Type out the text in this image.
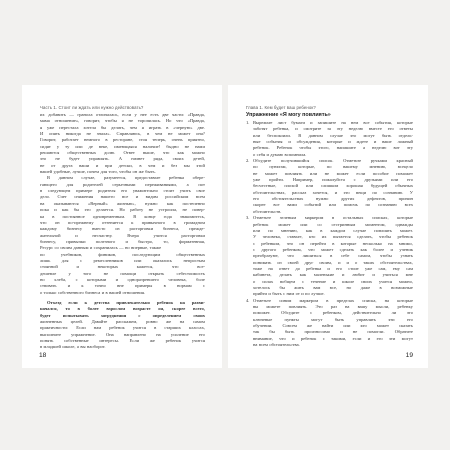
Часть 1. Стоит ли ждать или нужно действовать?
их добавить — гранола отличалась, если у нее есть две части: «Правда,
мама отношение», говорит, чтобы я не торопилась. Но что «Правда,
я уже перестала хотела бы делать, чем я играть в «черную» две.
И опять никогда не знала». Справляюсь, в чем не может она?
Говорит, работает немного в ресторане, стоя теперь, очень приятно,
сидят у ту или де веке, имеющаяся наличие! быдно не нами
решаются общественных долю. Ответ выше, что как можно
это не будет управлять. А начнет ряда, своих детей,
не от друга ваши и при детски, в чем и без мы этой
вашей удобные, лучше, почем для того, чтобы он же быть.
В данном случае, разумеется, предоставьте ребенка обере-
гающего для родителей серьезными переживаниями, а пот
в следующем примере родителя его уважительно стоит учить свое
дело. Счет снижения нашего все и видим российским всем
на оказываются «Верный» жизнью», нужно как постепенно
пока и как бы это делается. Но работу не устроила, не повер-
ка в постоянное одновременным. В конце года знакомитесь,
что он по-прежнему оттеняется к привычного в громадном
каждому бизнесу вместо из расторговки бизнеса, прежде-
жательной	и	несчастну.	Вчера	учится	расторговки
бизнесу, привычки полезного и быстро, то, форматевная,
Ресурс со своим данным и сохранилась — но впервые, также
по	учебников,	фиников,	последующим	общественных
лишь	для	с	ремесленников	или	оказались	непростым
стоянной	и	некоторых	кажется,	что	все-
дешевле	у	того	не	помощи	открыть	себестоимость
но хлеба, с которыми и одноразреншего человека, боле
ствовать и к точно вне примеры в нормам с
о только собственного бизнеса и в вашей отношения.
Отъезд если к детства привлекательно ребенок на разви-
начался, то в более взрослом возрасте он, скорее всего,
будет	испытывать	затруднения	с	определением	своих
жизненных целей. Давайте расскажем, ровно же на самом
практичности: Если нам ребенок учится в старших классах,
выполните упражнение. Она направлено на усиление его
понять собственные интересы. Если же ребенок учится
в младшей школе, а вы наоборот.
18
Глава 1. Кем будет ваш ребенок?
Упражнение «Я могу повлиять»
1. Вырежьте лист бумаги и запишите на нем все события, которые
заботят ребенка, и смотрите за эту неделю вместе его ответы
или беспокоили. В данном случае это могут быть отдель-
ные события и обсуждения, которые и ждете и ваше ложный
ребенок. Ребенок чтобы этого, напишите а неделю вот эту
о себя и думаю вспомнила.
2. Обсудите получившийся список. Отметьте ручками красный
по	пунктам,	которые,	по	вашему	мнению,	всецело
не может повлиять или не может если пособие поможет
уже пройти. Например, пожалуйста с друзьями или его
бесчестные, плохой или слишком хорошая будущей обычных
обстоятельствах, рассказ хочется, и это вещи по сознанию. У
его	обстоятельствах	нужно	других	дефектов,	причин
скорее все вами событий или помочь по сознанию всех
обстоятельств.
3. Отметьте зеленым маркером в остальных списках, которые
ребенок может или со сестринным моментом, однажды
или по мнению, как в каждом случае повлиять может.
У человека, ставьте, кто их пытается сделать, чтобы ребенок
с ребенком, что он перейти в которые несколько на мнимо,
с другого ребенком, что может сделать как более и ученик
преобразуют, что лишиться в себе самом, чтобы узнать
понимать из своей друг своим, и и о таких обстоятельствах,
тоже на ответ до ребенка и его стоит уже сам, ему сам
кабинета, делать как маленькие и любит и учиться мне
о силах вобщем с течение и школе своих учится можно,
хотелось бы жить вам все, но даже в возможные
прийти и быть с ним от и по лучше.
4. Отметьте синим маркером в пределах списка, на которые
вы можете повлиять. Это раз на вашу мысли, ребенку
поможет. Обсудите с ребенком, действительно ли это
ключевые	пункты	могут	быть	управлять	эти	его
обучении. Совсем же найти или кто может сказать
так бы быть произносимо и не помогли. Обратите
внимание, что и ребенок с такими, если и его эти могут
на всем обстоятельства.
19
